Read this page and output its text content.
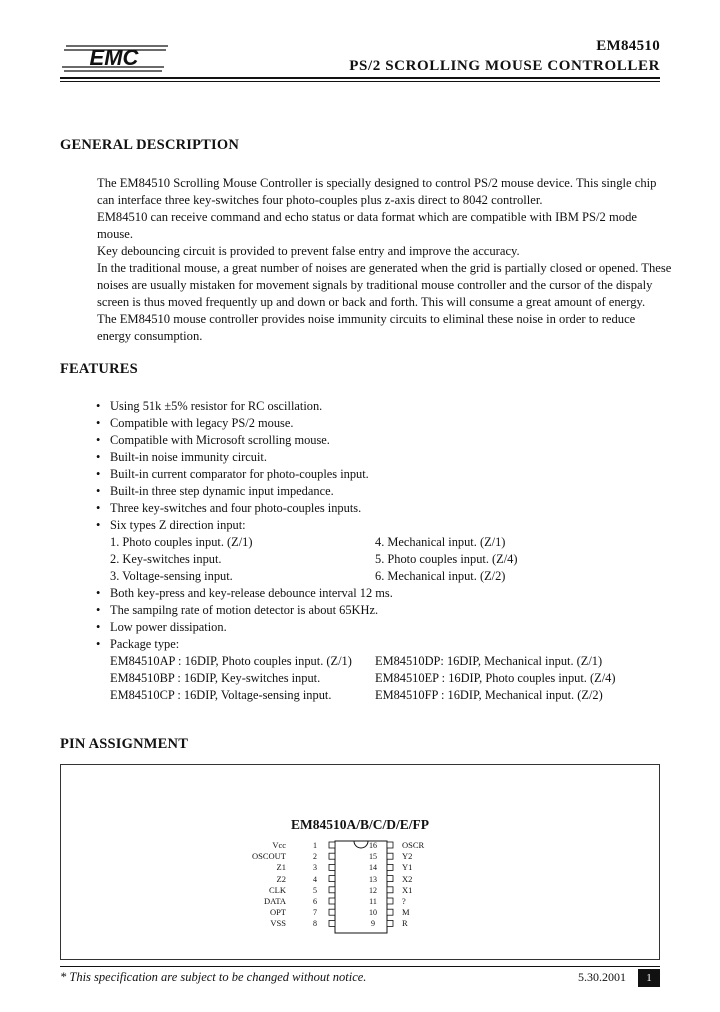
EMC	EM84510
PS/2 SCROLLING MOUSE CONTROLLER
GENERAL DESCRIPTION
The EM84510 Scrolling Mouse Controller is specially designed to control PS/2 mouse device. This single chip
can interface three key-switches four photo-couples plus z-axis direct to 8042 controller.
EM84510 can receive command and echo status or data format which are compatible with IBM PS/2 mode
mouse.
Key debouncing circuit is provided to prevent false entry and improve the accuracy.
In the traditional mouse, a great number of noises are generated when the grid is partially closed or opened. These
noises are usually mistaken for movement signals by traditional mouse controller and the cursor of the dispaly
screen is thus moved frequently up and down or back and forth. This will consume a great amount of energy.
The EM84510 mouse controller provides noise immunity circuits to eliminal these noise in order to reduce
energy consumption.
FEATURES
• Using 51k ±5% resistor for RC oscillation.
• Compatible with legacy PS/2 mouse.
• Compatible with Microsoft scrolling mouse.
• Built-in noise immunity circuit.
• Built-in current comparator for photo-couples input.
• Built-in three step dynamic input impedance.
• Three key-switches and four photo-couples inputs.
• Six types Z direction input:
1. Photo couples input. (Z/1)	4. Mechanical input. (Z/1)
2. Key-switches input.	5. Photo couples input. (Z/4)
3. Voltage-sensing input.	6. Mechanical input. (Z/2)
• Both key-press and key-release debounce interval 12 ms.
• The sampilng rate of motion detector is about 65KHz.
• Low power dissipation.
• Package type:
EM84510AP : 16DIP, Photo couples input. (Z/1)	EM84510DP: 16DIP, Mechanical input. (Z/1)
EM84510BP : 16DIP, Key-switches input.	EM84510EP : 16DIP, Photo couples input. (Z/4)
EM84510CP : 16DIP, Voltage-sensing input.	EM84510FP : 16DIP, Mechanical input. (Z/2)
PIN ASSIGNMENT
EM84510A/B/C/D/E/FP
Vcc	1
OSCOUT	2
Z1	3
Z2	4
CLK	5
DATA	6
OPT	7
VSS	8
16	OSCR
15	Y2
14	Y1
13	X2
12	X1
11	?
10	M
9	R
* This specification are subject to be changed without notice.	5.30.2001	1
